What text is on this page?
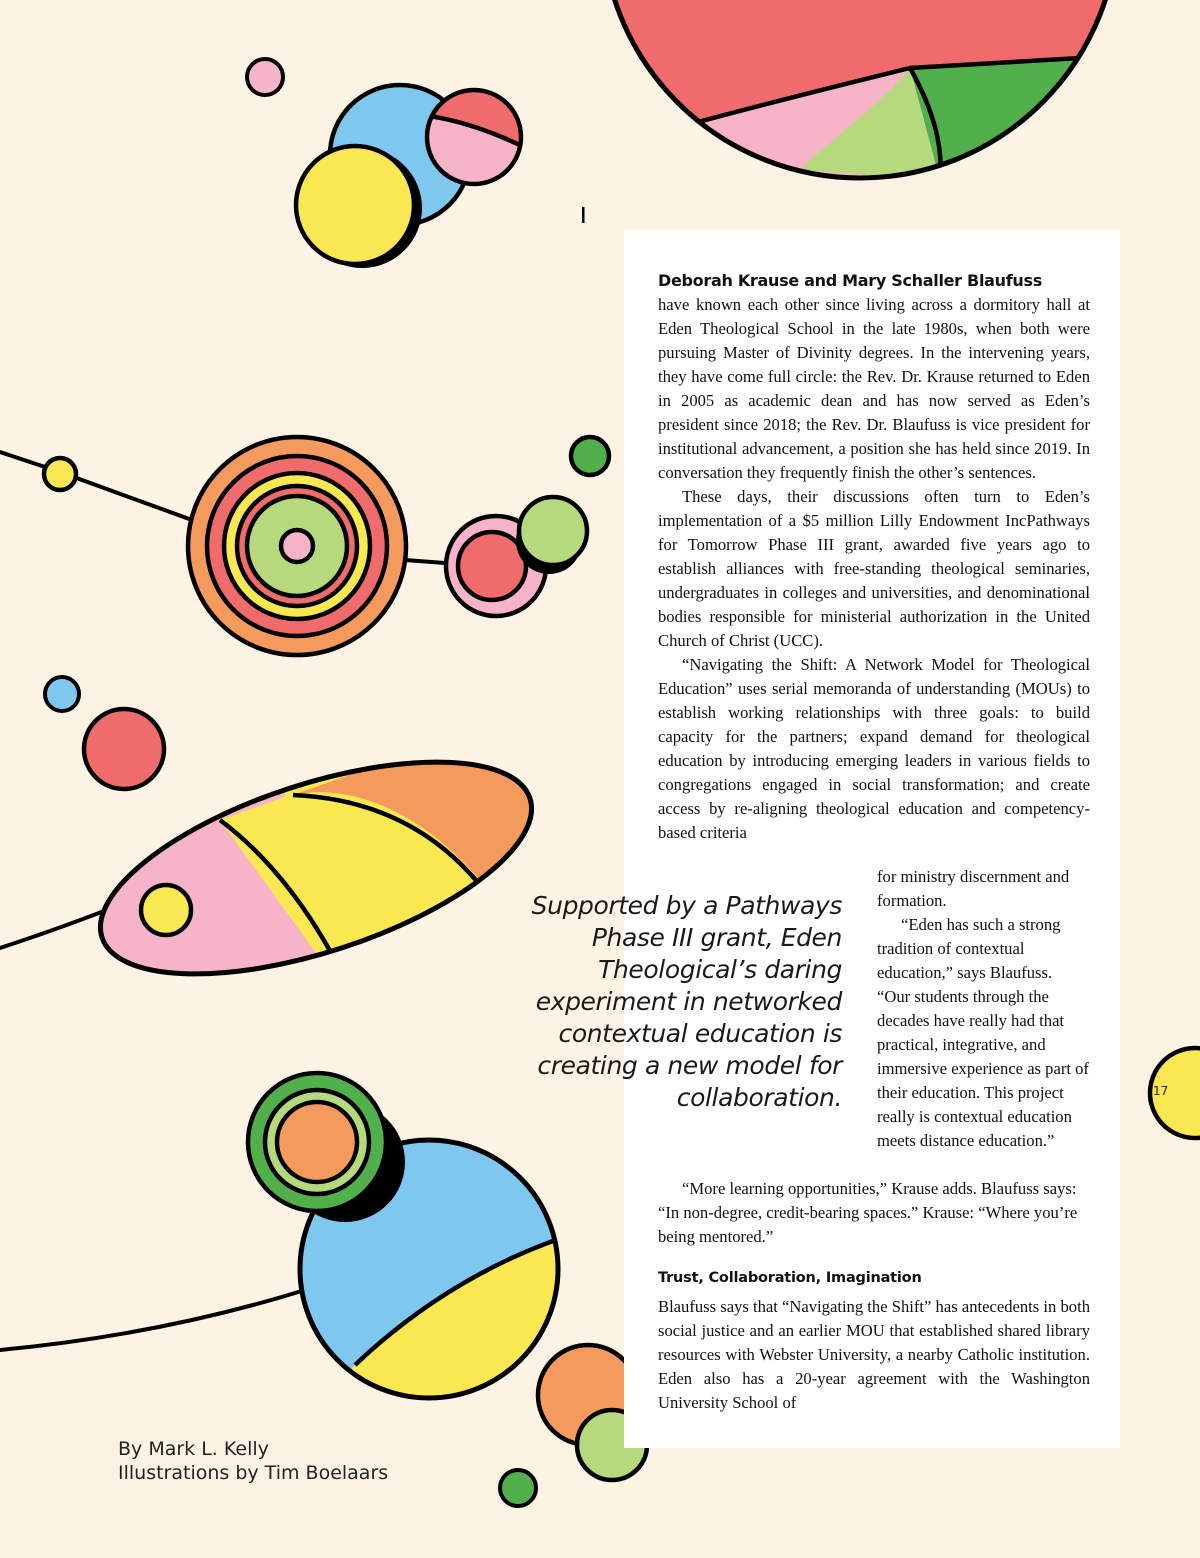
Deborah Krause and Mary Schaller Blaufuss
have known each other since living across a dormitory hall at Eden Theological School in the late 1980s, when both were pursuing Master of Divinity degrees. In the intervening years, they have come full circle: the Rev. Dr. Krause returned to Eden in 2005 as academic dean and has now served as Eden’s president since 2018; the Rev. Dr. Blaufuss is vice president for institutional advancement, a position she has held since 2019. In conversation they frequently finish the other’s sentences.
These days, their discussions often turn to Eden’s implementation of a $5 million Lilly Endowment IncPathways for Tomorrow Phase III grant, awarded five years ago to establish alliances with free-standing theological seminaries, undergraduates in colleges and universities, and denominational bodies responsible for ministerial authorization in the United Church of Christ (UCC).
“Navigating the Shift: A Network Model for Theological Education” uses serial memoranda of understanding (MOUs) to establish working relationships with three goals: to build capacity for the partners; expand demand for theological education by introducing emerging leaders in various fields to congregations engaged in social transformation; and create access by re-aligning theological education and competency-based criteria

for ministry discernment and formation.
“Eden has such a strong tradition of contextual education,” says Blaufuss. “Our students through the decades have really had that practical, integrative, and immersive experience as part of their education. This project really is contextual education meets distance education.”

“More learning opportunities,” Krause adds. Blaufuss says: “In non-degree, credit-bearing spaces.” Krause: “Where you’re being mentored.”

Trust, Collaboration, Imagination

Blaufuss says that “Navigating the Shift” has antecedents in both social justice and an earlier MOU that established shared library resources with Webster University, a nearby Catholic institution. Eden also has a 20-year agreement with the Washington University School of

Supported by a Pathways Phase III grant, Eden Theological’s daring experiment in networked contextual education is creating a new model for collaboration.

By Mark L. Kelly
Illustrations by Tim Boelaars

17
